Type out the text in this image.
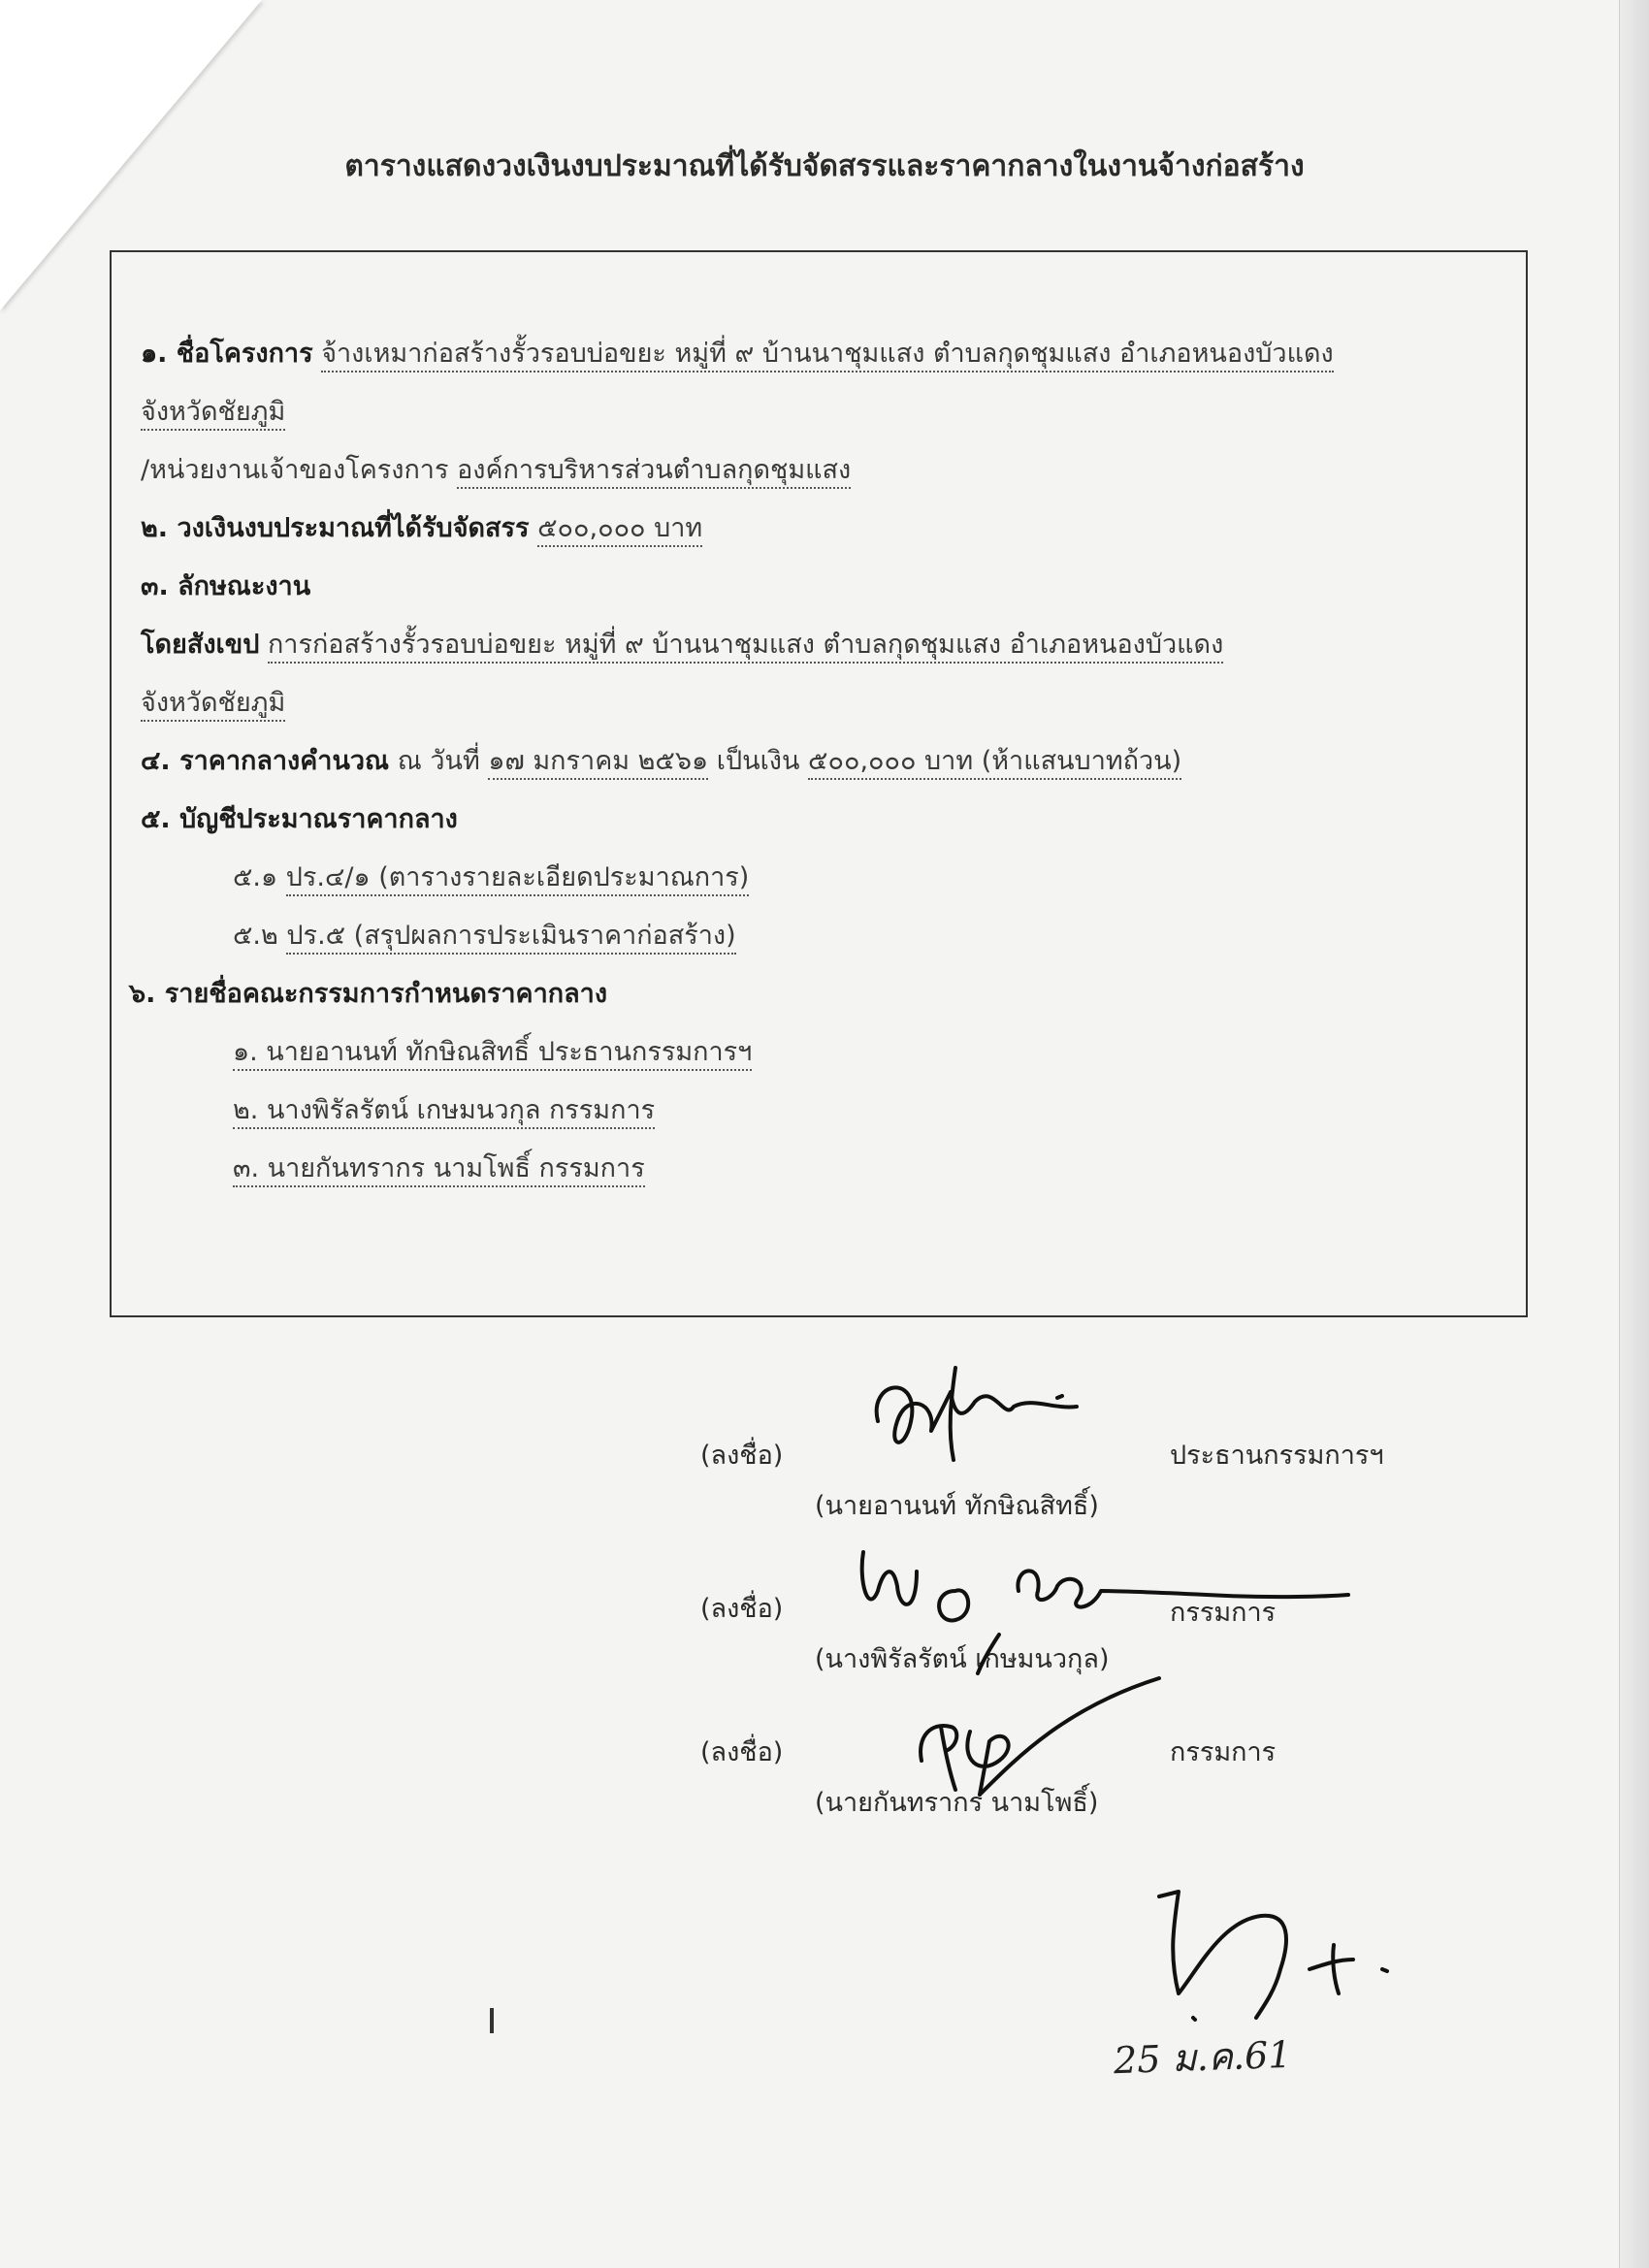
ตารางแสดงวงเงินงบประมาณที่ได้รับจัดสรรและราคากลางในงานจ้างก่อสร้าง
๑. ชื่อโครงการ จ้างเหมาก่อสร้างรั้วรอบบ่อขยะ หมู่ที่ ๙ บ้านนาชุมแสง ตำบลกุดชุมแสง อำเภอหนองบัวแดง
จังหวัดชัยภูมิ
/หน่วยงานเจ้าของโครงการ องค์การบริหารส่วนตำบลกุดชุมแสง
๒. วงเงินงบประมาณที่ได้รับจัดสรร ๕๐๐,๐๐๐ บาท
๓. ลักษณะงาน
โดยสังเขป การก่อสร้างรั้วรอบบ่อขยะ หมู่ที่ ๙ บ้านนาชุมแสง ตำบลกุดชุมแสง อำเภอหนองบัวแดง
จังหวัดชัยภูมิ
๔. ราคากลางคำนวณ ณ วันที่ ๑๗ มกราคม ๒๕๖๑ เป็นเงิน ๕๐๐,๐๐๐ บาท (ห้าแสนบาทถ้วน)
๕. บัญชีประมาณราคากลาง
๕.๑ ปร.๔/๑ (ตารางรายละเอียดประมาณการ)
๕.๒ ปร.๕ (สรุปผลการประเมินราคาก่อสร้าง)
๖. รายชื่อคณะกรรมการกำหนดราคากลาง
๑. นายอานนท์ ทักษิณสิทธิ์ ประธานกรรมการฯ
๒. นางพิรัลรัตน์ เกษมนวกุล กรรมการ
๓. นายกันทรากร นามโพธิ์ กรรมการ
(ลงชื่อ)	ประธานกรรมการฯ
(นายอานนท์ ทักษิณสิทธิ์)
(ลงชื่อ)	กรรมการ
(นางพิรัลรัตน์ เกษมนวกุล)
(ลงชื่อ)	กรรมการ
(นายกันทรากร นามโพธิ์)
25 ม.ค.61
